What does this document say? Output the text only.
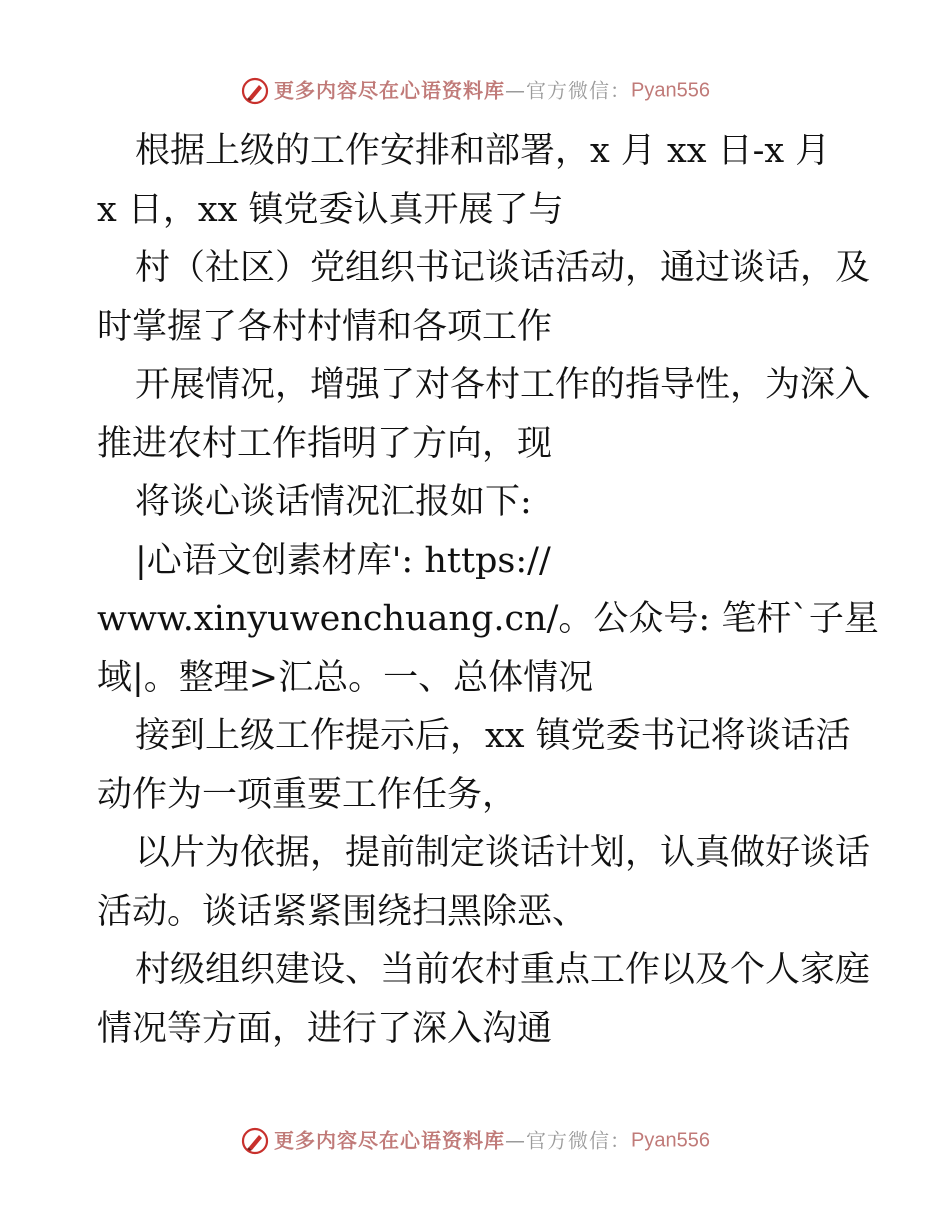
更多内容尽在心语资料库—官方微信：Pyan556
根据上级的工作安排和部署，x 月 xx 日-x 月
x 日，xx 镇党委认真开展了与
村（社区）党组织书记谈话活动，通过谈话，及
时掌握了各村村情和各项工作
开展情况，增强了对各村工作的指导性，为深入
推进农村工作指明了方向，现
将谈心谈话情况汇报如下:
|心语文创素材库': https://
www.xinyuwenchuang.cn/。公众号: 笔杆`子星
域|。整理>汇总。一、总体情况
接到上级工作提示后，xx 镇党委书记将谈话活
动作为一项重要工作任务，
以片为依据，提前制定谈话计划，认真做好谈话
活动。谈话紧紧围绕扫黑除恶、
村级组织建设、当前农村重点工作以及个人家庭
情况等方面，进行了深入沟通
更多内容尽在心语资料库—官方微信：Pyan556
